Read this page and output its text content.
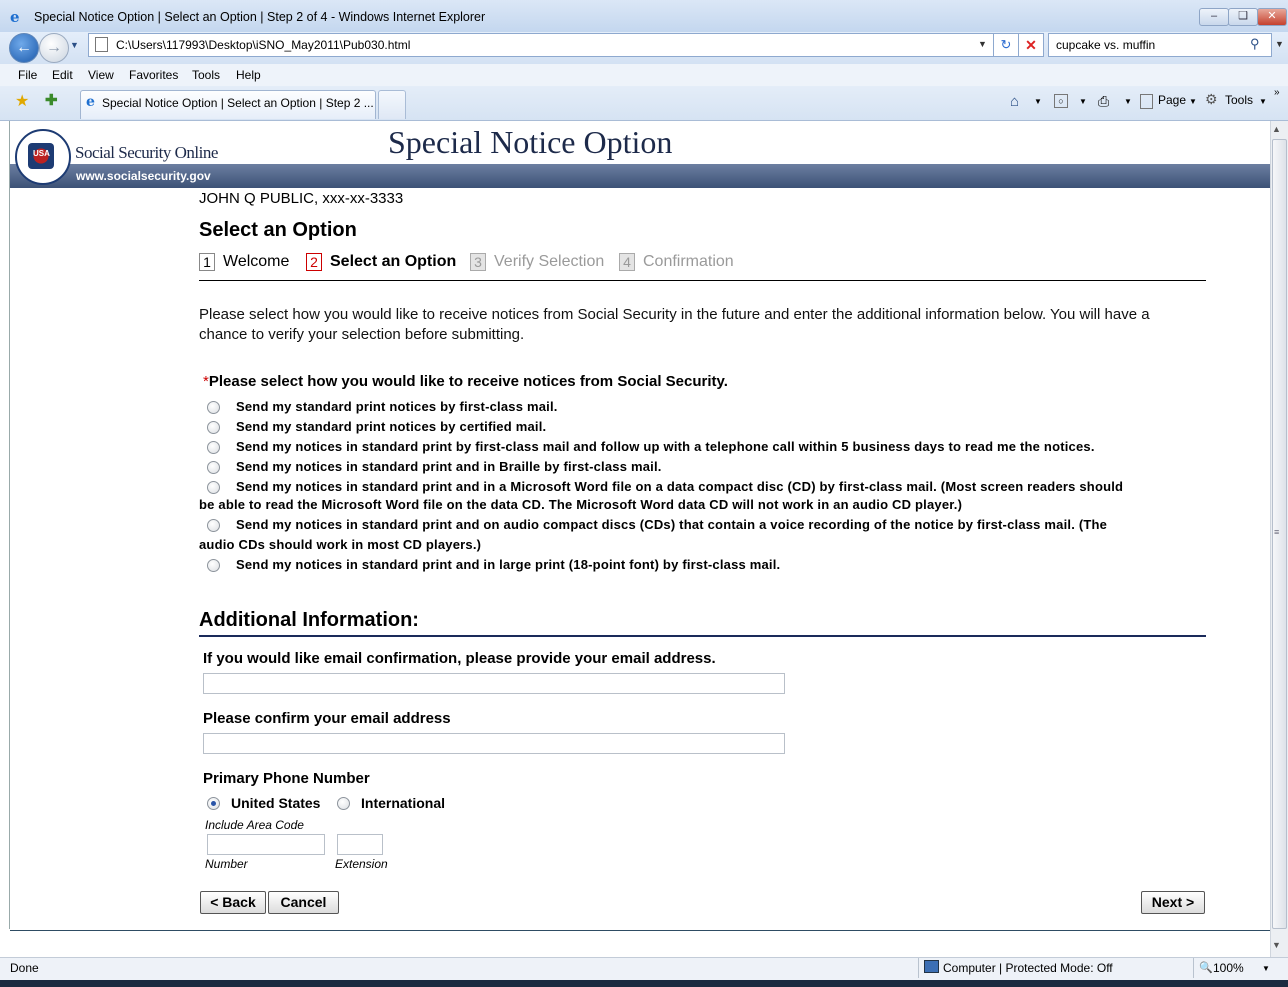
e	Special Notice Option | Select an Option | Step 2 of 4 - Windows Internet Explorer	–	❑	✕
← → ▼	C:\Users\117993\Desktop\iSNO_May2011\Pub030.html	▼	↻ ✕	cupcake vs. muffin	⚲ ▼
File Edit View Favorites Tools Help
★ ✚ e Special Notice Option | Select an Option | Step 2 ...	⌂ ▼	○	▼ ⎙ ▼ Page ▼ ⚙ Tools ▼
»
▲
≡
▼
USA Social Security Online
www.socialsecurity.gov
Special Notice Option
JOHN Q PUBLIC, xxx-xx-3333
Select an Option
1 Welcome 2 Select an Option 3 Verify Selection 4 Confirmation
Please select how you would like to receive notices from Social Security in the future and enter the additional information below. You will have a chance to verify your selection before submitting.
*Please select how you would like to receive notices from Social Security.
Send my standard print notices by first-class mail.
Send my standard print notices by certified mail.
Send my notices in standard print by first-class mail and follow up with a telephone call within 5 business days to read me the notices.
Send my notices in standard print and in Braille by first-class mail.
Send my notices in standard print and in a Microsoft Word file on a data compact disc (CD) by first-class mail. (Most screen readers should
be able to read the Microsoft Word file on the data CD. The Microsoft Word data CD will not work in an audio CD player.)
Send my notices in standard print and on audio compact discs (CDs) that contain a voice recording of the notice by first-class mail. (The
audio CDs should work in most CD players.)
Send my notices in standard print and in large print (18-point font) by first-class mail.
Additional Information:
If you would like email confirmation, please provide your email address.
Please confirm your email address
Primary Phone Number
United States	International
Include Area Code
Number	Extension
< Back	Cancel	Next >
Done	Computer | Protected Mode: Off	🔍 100% ▼
